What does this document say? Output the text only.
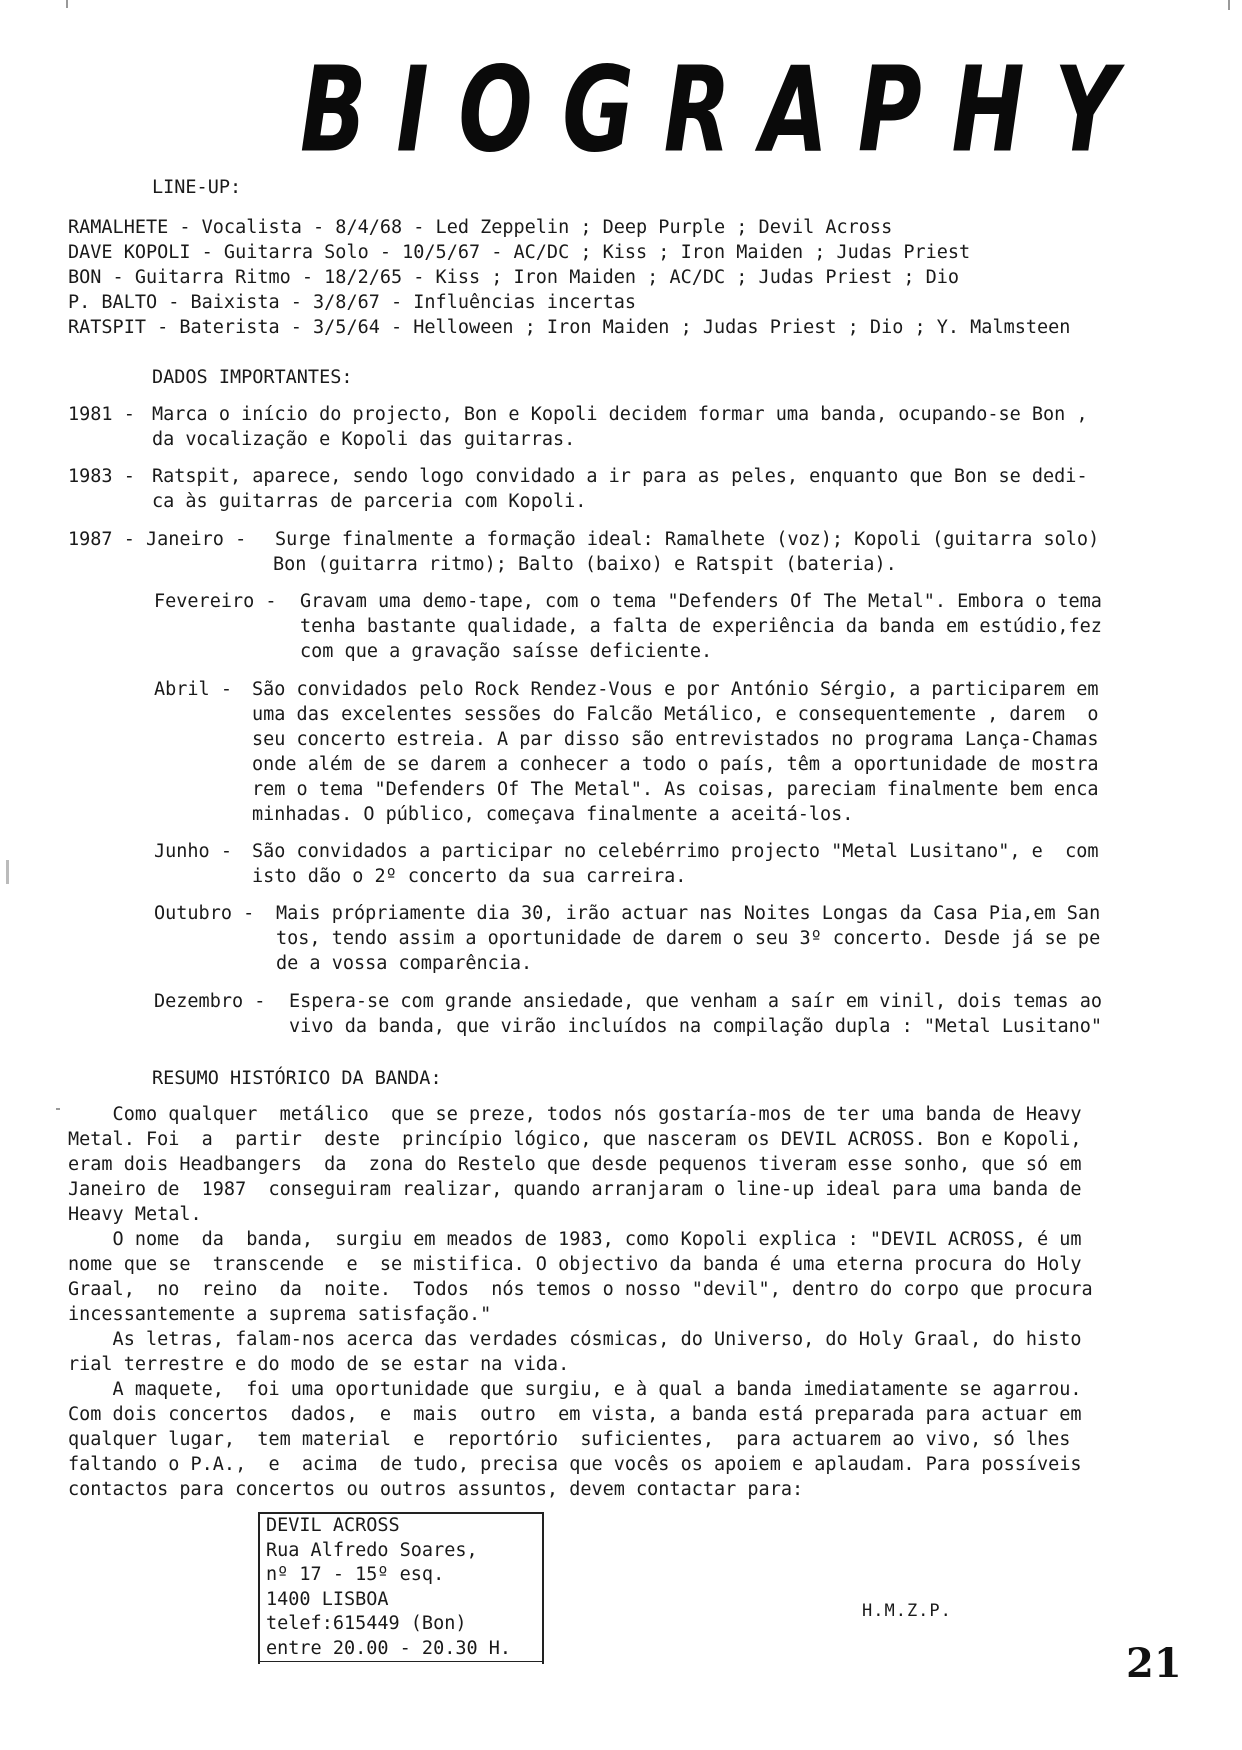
BIOGRAPHY
LINE-UP:
RAMALHETE - Vocalista - 8/4/68 - Led Zeppelin ; Deep Purple ; Devil Across
DAVE KOPOLI - Guitarra Solo - 10/5/67 - AC/DC ; Kiss ; Iron Maiden ; Judas Priest
BON - Guitarra Ritmo - 18/2/65 - Kiss ; Iron Maiden ; AC/DC ; Judas Priest ; Dio
P. BALTO - Baixista - 3/8/67 - Influências incertas
RATSPIT - Baterista - 3/5/64 - Helloween ; Iron Maiden ; Judas Priest ; Dio ; Y. Malmsteen
DADOS IMPORTANTES:
1981 - Marca o início do projecto, Bon e Kopoli decidem formar uma banda, ocupando-se Bon ,
da vocalização e Kopoli das guitarras.
1983 - Ratspit, aparece, sendo logo convidado a ir para as peles, enquanto que Bon se dedi-
ca às guitarras de parceria com Kopoli.
1987 - Janeiro - Surge finalmente a formação ideal: Ramalhete (voz); Kopoli (guitarra solo)
Bon (guitarra ritmo); Balto (baixo) e Ratspit (bateria).
Fevereiro - Gravam uma demo-tape, com o tema "Defenders Of The Metal". Embora o tema
tenha bastante qualidade, a falta de experiência da banda em estúdio,fez
com que a gravação saísse deficiente.
Abril - São convidados pelo Rock Rendez-Vous e por António Sérgio, a participarem em
uma das excelentes sessões do Falcão Metálico, e consequentemente , darem  o
seu concerto estreia. A par disso são entrevistados no programa Lança-Chamas
onde além de se darem a conhecer a todo o país, têm a oportunidade de mostra
rem o tema "Defenders Of The Metal". As coisas, pareciam finalmente bem enca
minhadas. O público, começava finalmente a aceitá-los.
Junho - São convidados a participar no celebérrimo projecto "Metal Lusitano", e  com
isto dão o 2º concerto da sua carreira.
Outubro - Mais própriamente dia 30, irão actuar nas Noites Longas da Casa Pia,em San
tos, tendo assim a oportunidade de darem o seu 3º concerto. Desde já se pe
de a vossa comparência.
Dezembro - Espera-se com grande ansiedade, que venham a saír em vinil, dois temas ao
vivo da banda, que virão incluídos na compilação dupla : "Metal Lusitano"
RESUMO HISTÓRICO DA BANDA:
Como qualquer  metálico  que se preze, todos nós gostaría-mos de ter uma banda de Heavy
Metal. Foi  a  partir  deste  princípio lógico, que nasceram os DEVIL ACROSS. Bon e Kopoli,
eram dois Headbangers  da  zona do Restelo que desde pequenos tiveram esse sonho, que só em
Janeiro de  1987  conseguiram realizar, quando arranjaram o line-up ideal para uma banda de
Heavy Metal.
O nome  da  banda,  surgiu em meados de 1983, como Kopoli explica : "DEVIL ACROSS, é um
nome que se  transcende  e  se mistifica. O objectivo da banda é uma eterna procura do Holy
Graal,  no  reino  da  noite.  Todos  nós temos o nosso "devil", dentro do corpo que procura
incessantemente a suprema satisfação."
As letras, falam-nos acerca das verdades cósmicas, do Universo, do Holy Graal, do histo
rial terrestre e do modo de se estar na vida.
A maquete,  foi uma oportunidade que surgiu, e à qual a banda imediatamente se agarrou.
Com dois concertos  dados,  e  mais  outro  em vista, a banda está preparada para actuar em
qualquer lugar,  tem material  e  reportório  suficientes,  para actuarem ao vivo, só lhes
faltando o P.A.,  e  acima  de tudo, precisa que vocês os apoiem e aplaudam. Para possíveis
contactos para concertos ou outros assuntos, devem contactar para:
DEVIL ACROSS
Rua Alfredo Soares,
nº 17 - 15º esq.
1400 LISBOA
telef:615449 (Bon)
entre 20.00 - 20.30 H.
H.M.Z.P.
21
